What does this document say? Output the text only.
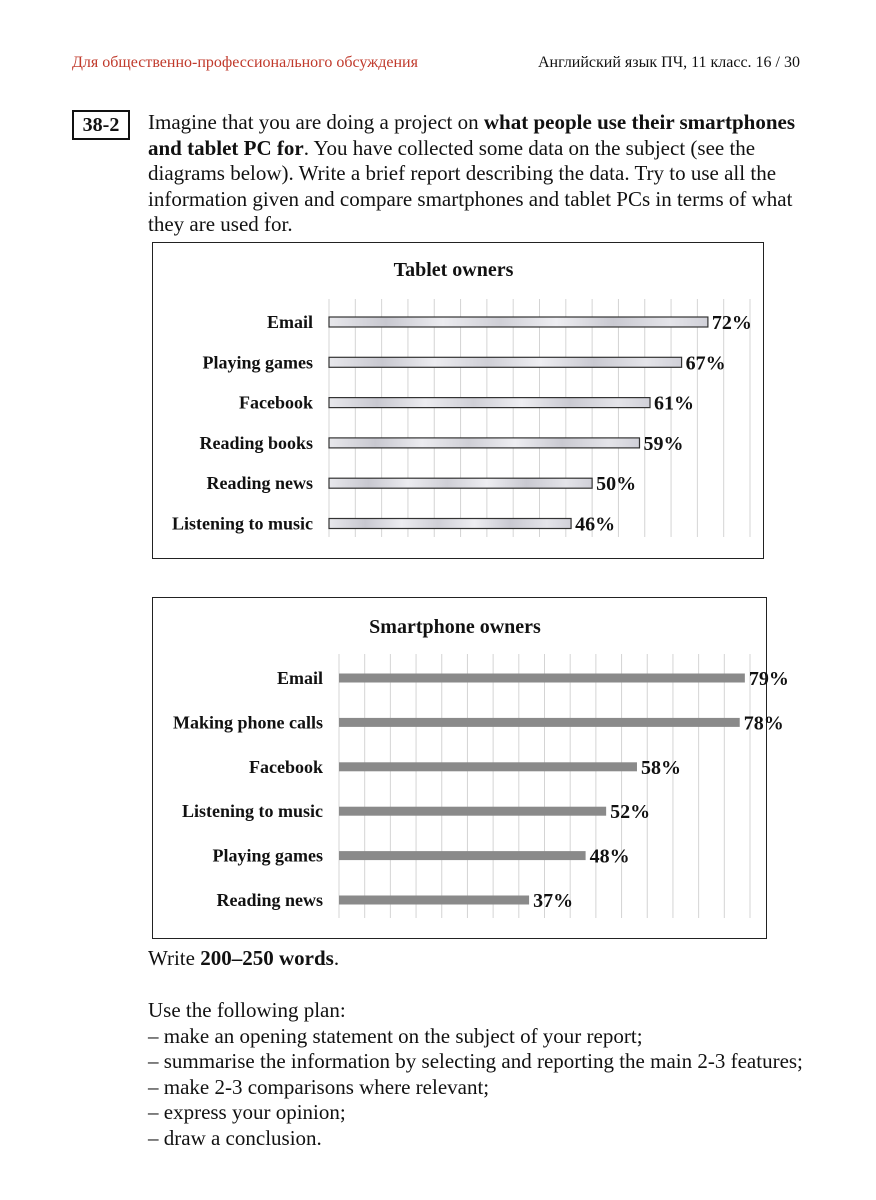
Для общественно-профессионального обсуждения	Английский язык ПЧ, 11 класс. 16 / 30
38-2	Imagine that you are doing a project on what people use their smartphones and tablet PC for. You have collected some data on the subject (see the diagrams below). Write a brief report describing the data. Try to use all the information given and compare smartphones and tablet PCs in terms of what they are used for.
Tablet owners
Email	72%
Playing games	67%
Facebook	61%
Reading books	59%
Reading news	50%
Listening to music	46%
Smartphone owners
Email	79%
Making phone calls	78%
Facebook	58%
Listening to music	52%
Playing games	48%
Reading news	37%
Write 200–250 words.
Use the following plan:
– make an opening statement on the subject of your report;
– summarise the information by selecting and reporting the main 2-3 features;
– make 2-3 comparisons where relevant;
– express your opinion;
– draw a conclusion.
